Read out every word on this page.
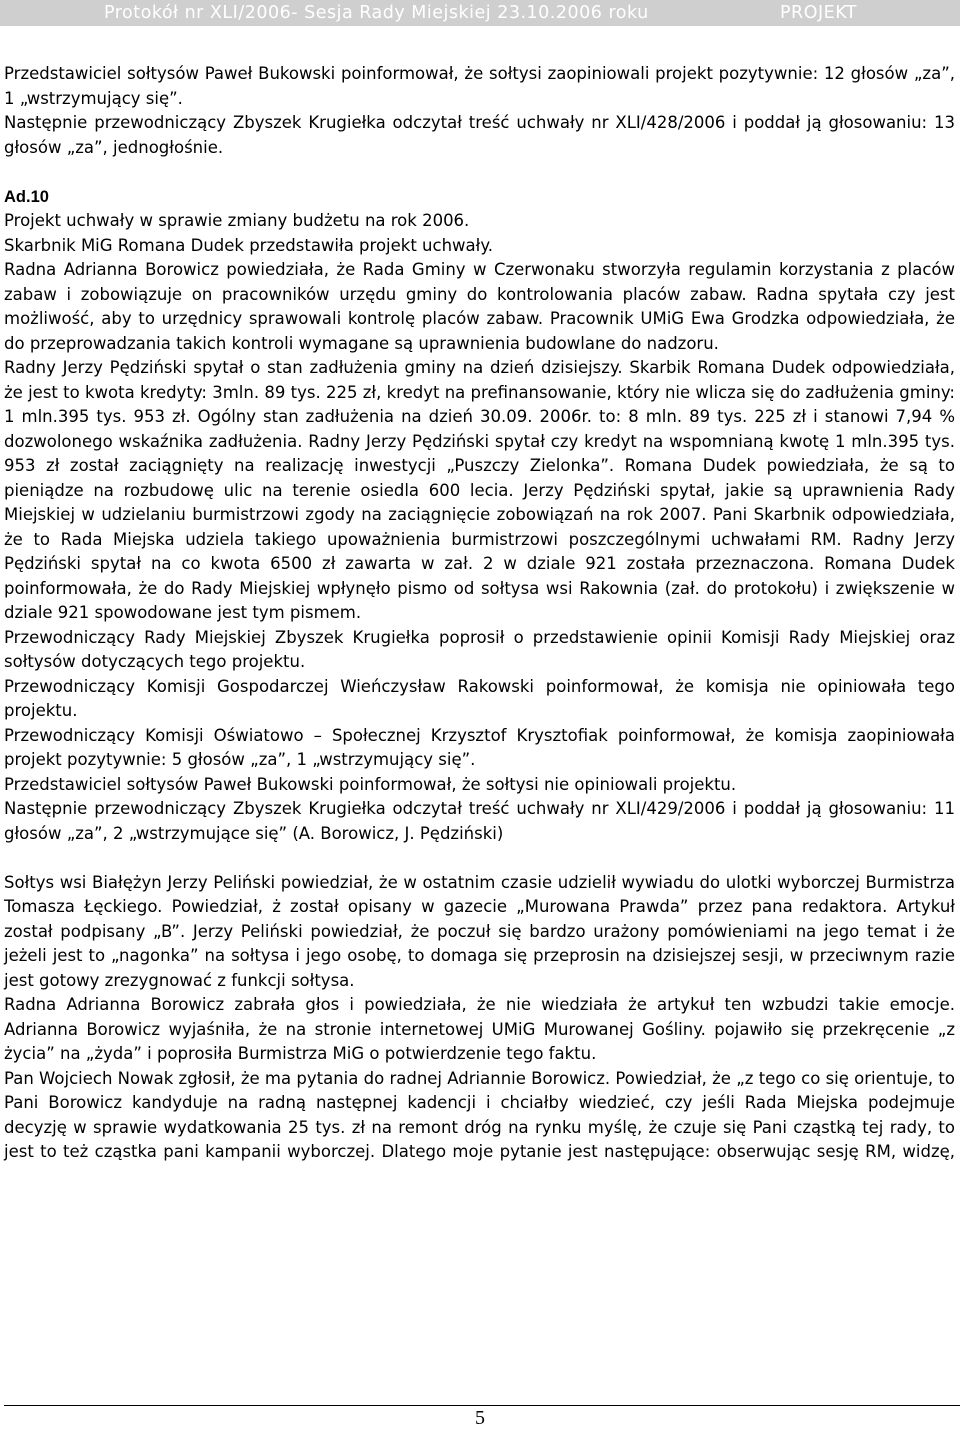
Protokół nr XLI/2006- Sesja Rady Miejskiej 23.10.2006 roku	PROJEKT

Przedstawiciel sołtysów Paweł Bukowski poinformował, że sołtysi zaopiniowali projekt pozytywnie: 12 głosów „za”, 1 „wstrzymujący się”.

Następnie przewodniczący Zbyszek Krugiełka odczytał treść uchwały nr XLI/428/2006 i poddał ją głosowaniu: 13 głosów „za”, jednogłośnie.

Ad.10

Projekt uchwały w sprawie zmiany budżetu na rok 2006.

Skarbnik MiG Romana Dudek przedstawiła projekt uchwały.

Radna Adrianna Borowicz powiedziała, że Rada Gminy w Czerwonaku stworzyła regulamin korzystania z placów zabaw i zobowiązuje on pracowników urzędu gminy do kontrolowania placów zabaw. Radna spytała czy jest możliwość, aby to urzędnicy sprawowali kontrolę placów zabaw. Pracownik UMiG Ewa Grodzka odpowiedziała, że do przeprowadzania takich kontroli wymagane są uprawnienia budowlane do nadzoru.

Radny Jerzy Pędziński spytał o stan zadłużenia gminy na dzień dzisiejszy. Skarbik Romana Dudek odpowiedziała, że jest to kwota kredyty: 3mln. 89 tys. 225 zł, kredyt na prefinansowanie, który nie wlicza się do zadłużenia gminy: 1 mln.395 tys. 953 zł. Ogólny stan zadłużenia na dzień 30.09. 2006r. to: 8 mln. 89 tys. 225 zł i stanowi 7,94 % dozwolonego wskaźnika zadłużenia. Radny Jerzy Pędziński spytał czy kredyt na wspomnianą kwotę 1 mln.395 tys. 953 zł został zaciągnięty na realizację inwestycji „Puszczy Zielonka”. Romana Dudek powiedziała, że są to pieniądze na rozbudowę ulic na terenie osiedla 600 lecia. Jerzy Pędziński spytał, jakie są uprawnienia Rady Miejskiej w udzielaniu burmistrzowi zgody na zaciągnięcie zobowiązań na rok 2007. Pani Skarbnik odpowiedziała, że to Rada Miejska udziela takiego upoważnienia burmistrzowi poszczególnymi uchwałami RM. Radny Jerzy Pędziński spytał na co kwota 6500 zł zawarta w zał. 2 w dziale 921 została przeznaczona. Romana Dudek poinformowała, że do Rady Miejskiej wpłynęło pismo od sołtysa wsi Rakownia (zał. do protokołu) i zwiększenie w dziale 921 spowodowane jest tym pismem.

Przewodniczący Rady Miejskiej Zbyszek Krugiełka poprosił o przedstawienie opinii Komisji Rady Miejskiej oraz sołtysów dotyczących tego projektu.

Przewodniczący Komisji Gospodarczej Wieńczysław Rakowski poinformował, że komisja nie opiniowała tego projektu.

Przewodniczący Komisji Oświatowo – Społecznej Krzysztof Krysztofiak poinformował, że komisja zaopiniowała projekt pozytywnie: 5 głosów „za”, 1 „wstrzymujący się”.

Przedstawiciel sołtysów Paweł Bukowski poinformował, że sołtysi nie opiniowali projektu.

Następnie przewodniczący Zbyszek Krugiełka odczytał treść uchwały nr XLI/429/2006 i poddał ją głosowaniu: 11 głosów „za”, 2 „wstrzymujące się” (A. Borowicz, J. Pędziński)

Sołtys wsi Białężyn Jerzy Peliński powiedział, że w ostatnim czasie udzielił wywiadu do ulotki wyborczej Burmistrza Tomasza Łęckiego. Powiedział, ż został opisany w gazecie „Murowana Prawda” przez pana redaktora. Artykuł został podpisany „B”. Jerzy Peliński powiedział, że poczuł się bardzo urażony pomówieniami na jego temat i że jeżeli jest to „nagonka” na sołtysa i jego osobę, to domaga się przeprosin na dzisiejszej sesji, w przeciwnym razie jest gotowy zrezygnować z funkcji sołtysa.

Radna Adrianna Borowicz zabrała głos i powiedziała, że nie wiedziała że artykuł ten wzbudzi takie emocje. Adrianna Borowicz wyjaśniła, że na stronie internetowej UMiG Murowanej Gośliny. pojawiło się przekręcenie „z życia” na „żyda” i poprosiła Burmistrza MiG o potwierdzenie tego faktu.

Pan Wojciech Nowak zgłosił, że ma pytania do radnej Adriannie Borowicz. Powiedział, że „z tego co się orientuje, to Pani Borowicz kandyduje na radną następnej kadencji i chciałby wiedzieć, czy jeśli Rada Miejska podejmuje decyzję w sprawie wydatkowania 25 tys. zł na remont dróg na rynku myślę, że czuje się Pani cząstką tej rady, to jest to też cząstka pani kampanii wyborczej. Dlatego moje pytanie jest następujące: obserwując sesję RM, widzę,

5
